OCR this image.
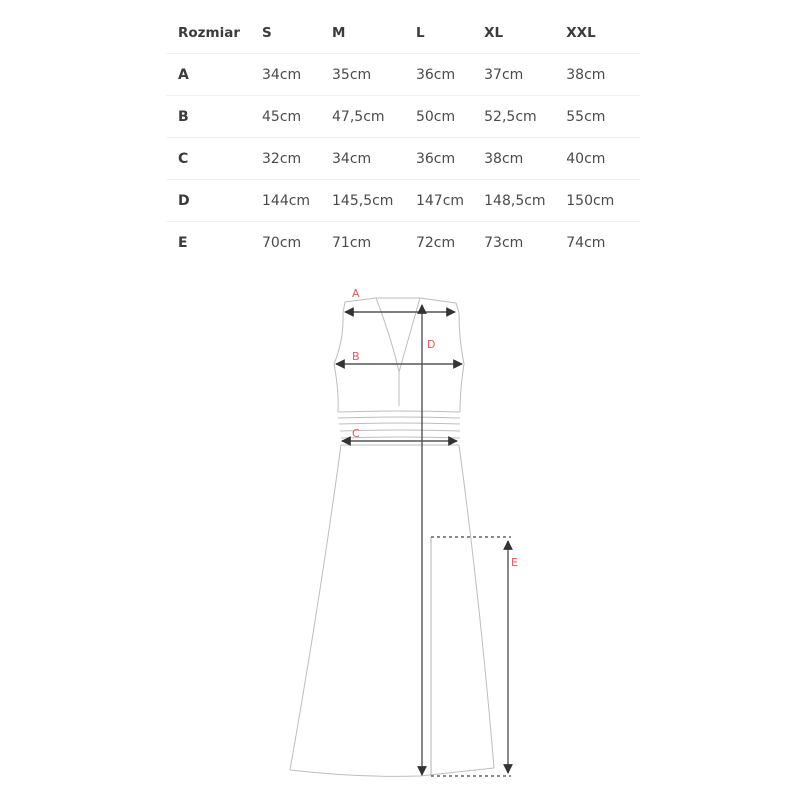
Rozmiar	S	M	L	XL	XXL
A	34cm	35cm	36cm	37cm	38cm
B	45cm	47,5cm	50cm	52,5cm	55cm
C	32cm	34cm	36cm	38cm	40cm
D	144cm	145,5cm	147cm	148,5cm	150cm
E	70cm	71cm	72cm	73cm	74cm
A
B
C
D
E
